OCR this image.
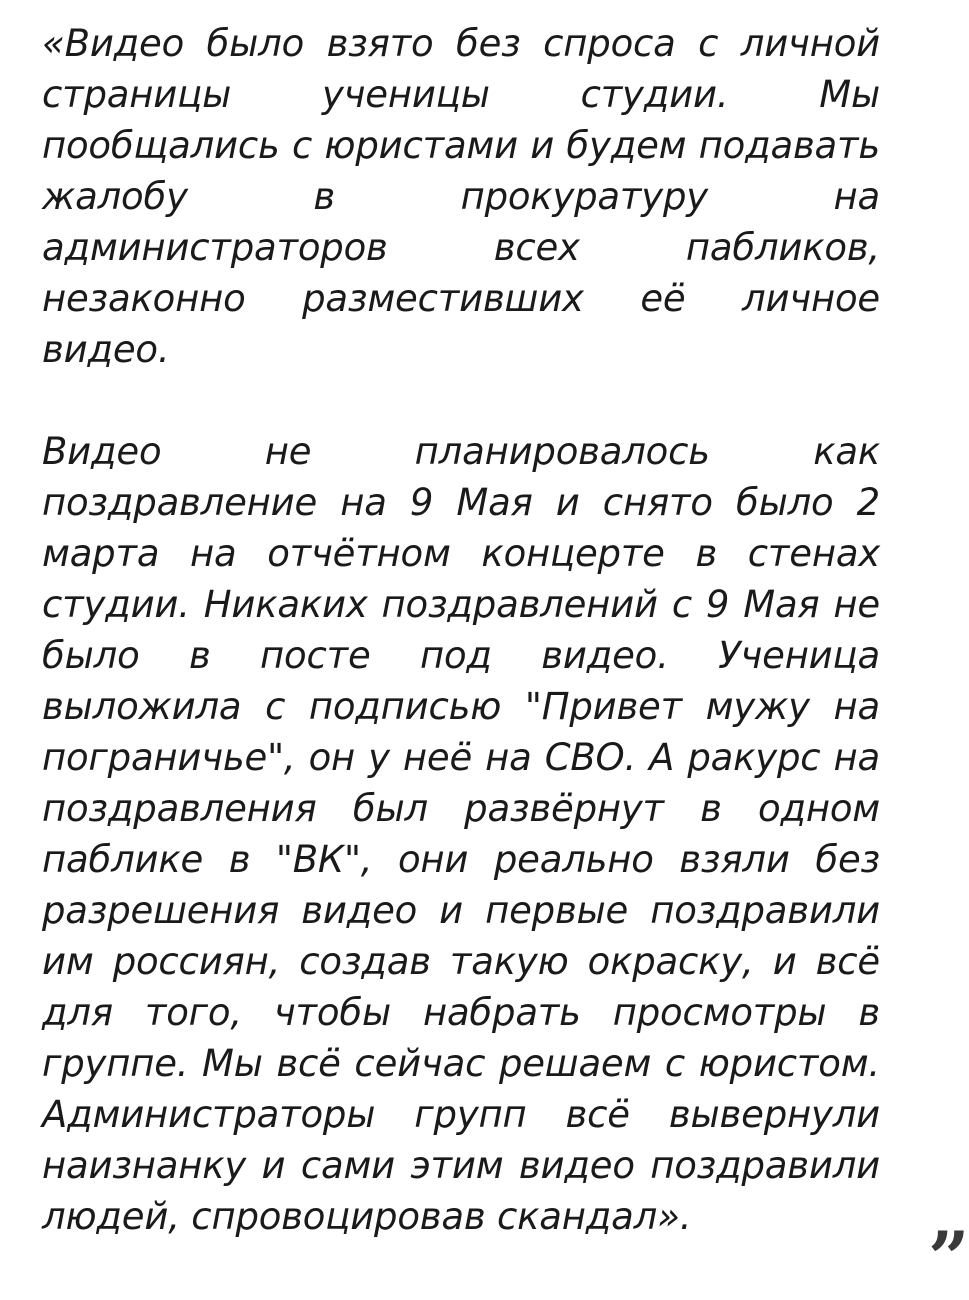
«Видео было взято без спроса с личной страницы ученицы студии. Мы пообщались с юристами и будем подавать жалобу в прокуратуру на администраторов всех пабликов, незаконно разместивших её личное видео.

Видео не планировалось как поздравление на 9 Мая и снято было 2 марта на отчётном концерте в стенах студии. Никаких поздравлений с 9 Мая не было в посте под видео. Ученица выложила с подписью "Привет мужу на пограничье", он у неё на СВО. А ракурс на поздравления был развёрнут в одном паблике в "ВК", они реально взяли без разрешения видео и первые поздравили им россиян, создав такую окраску, и всё для того, чтобы набрать просмотры в группе. Мы всё сейчас решаем с юристом. Администраторы групп всё вывернули наизнанку и сами этим видео поздравили людей, спровоцировав скандал».	”
